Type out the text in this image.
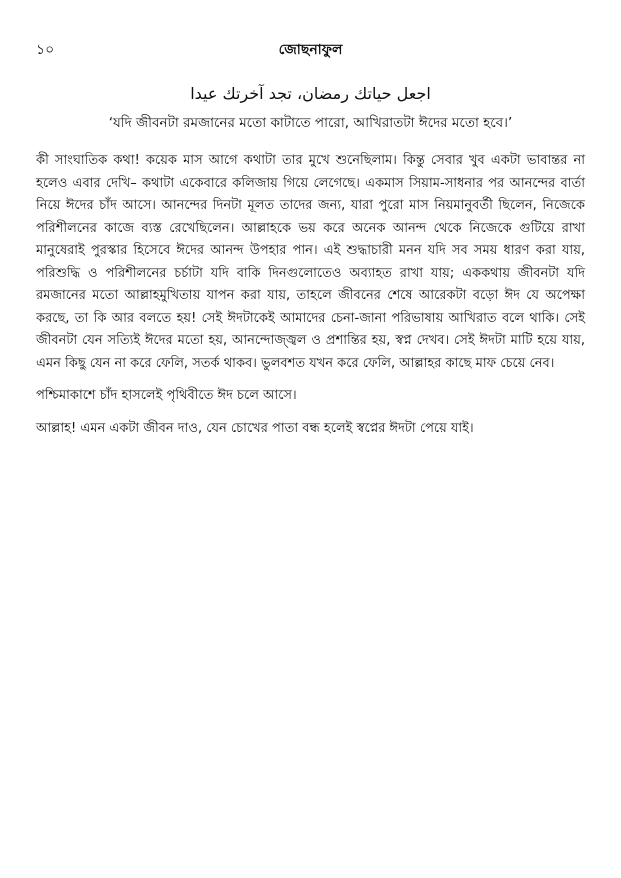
১০	জোছনাফুল
اجعل حياتك رمضان، تجد آخرتك عيدا
‘যদি জীবনটা রমজানের মতো কাটাতে পারো, আখিরাতটা ঈদের মতো হবে।’

কী সাংঘাতিক কথা! কয়েক মাস আগে কথাটা তার মুখে শুনেছিলাম। কিন্তু সেবার খুব একটা ভাবান্তর না হলেও এবার দেখি– কথাটা একেবারে কলিজায় গিয়ে লেগেছে। একমাস সিয়াম-সাধনার পর আনন্দের বার্তা নিয়ে ঈদের চাঁদ আসে। আনন্দের দিনটা মূলত তাদের জন্য, যারা পুরো মাস নিয়মানুবর্তী ছিলেন, নিজেকে পরিশীলনের কাজে ব্যস্ত রেখেছিলেন। আল্লাহকে ভয় করে অনেক আনন্দ থেকে নিজেকে গুটিয়ে রাখা মানুষেরাই পুরস্কার হিসেবে ঈদের আনন্দ উপহার পান। এই শুদ্ধাচারী মনন যদি সব সময় ধারণ করা যায়, পরিশুদ্ধি ও পরিশীলনের চর্চাটা যদি বাকি দিনগুলোতেও অব্যাহত রাখা যায়; এককথায় জীবনটা যদি রমজানের মতো আল্লাহমুখিতায় যাপন করা যায়, তাহলে জীবনের শেষে আরেকটা বড়ো ঈদ যে অপেক্ষা করছে, তা কি আর বলতে হয়! সেই ঈদটাকেই আমাদের চেনা-জানা পরিভাষায় আখিরাত বলে থাকি। সেই জীবনটা যেন সত্যিই ঈদের মতো হয়, আনন্দোজ্জ্বল ও প্রশান্তির হয়, স্বপ্ন দেখব। সেই ঈদটা মাটি হয়ে যায়, এমন কিছু যেন না করে ফেলি, সতর্ক থাকব। ভুলবশত যখন করে ফেলি, আল্লাহর কাছে মাফ চেয়ে নেব।

পশ্চিমাকাশে চাঁদ হাসলেই পৃথিবীতে ঈদ চলে আসে।

আল্লাহ! এমন একটা জীবন দাও, যেন চোখের পাতা বন্ধ হলেই স্বপ্নের ঈদটা পেয়ে যাই।
